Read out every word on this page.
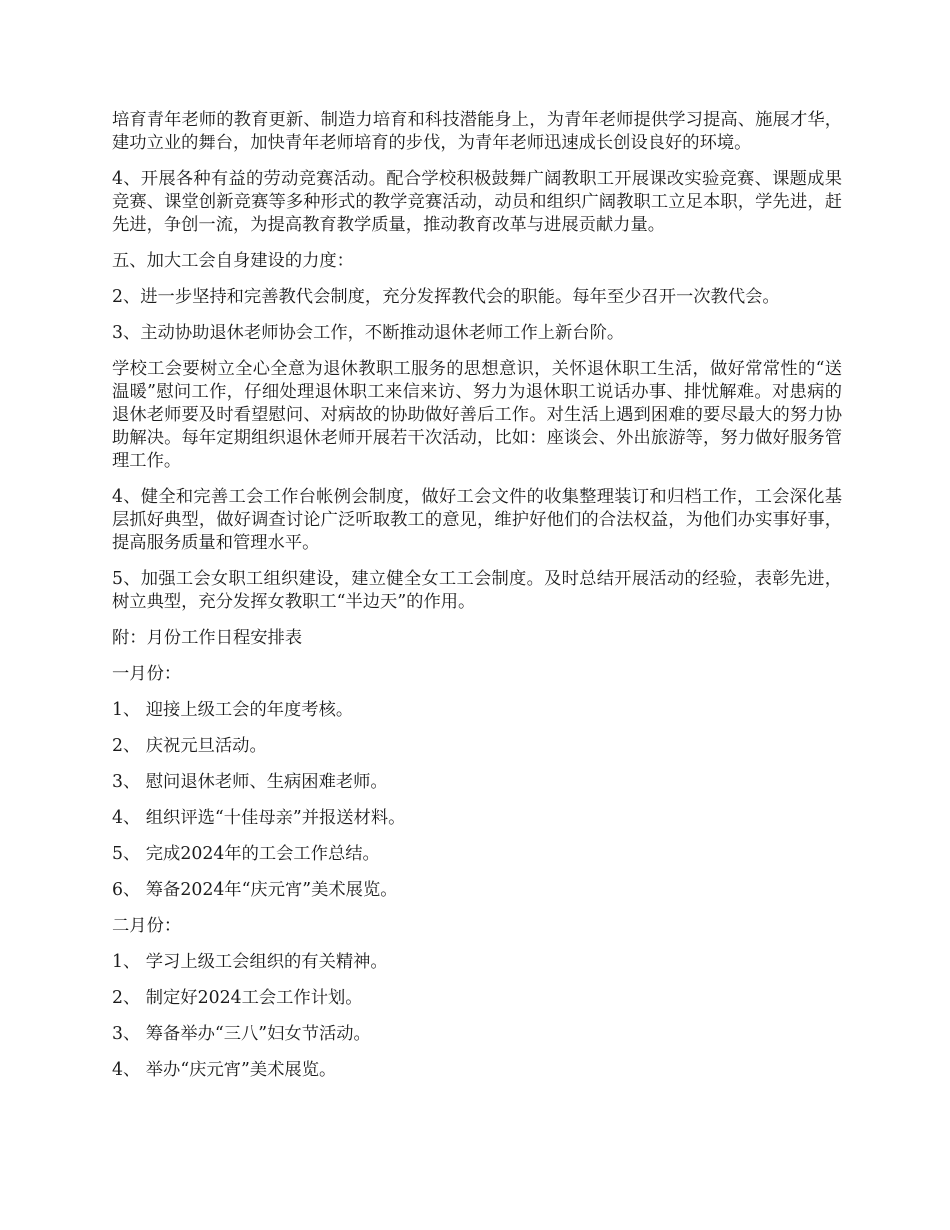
培育青年老师的教育更新、制造力培育和科技潜能身上，为青年老师提供学习提高、施展才华，建功立业的舞台，加快青年老师培育的步伐，为青年老师迅速成长创设良好的环境。

4、开展各种有益的劳动竞赛活动。配合学校积极鼓舞广阔教职工开展课改实验竞赛、课题成果竞赛、课堂创新竞赛等多种形式的教学竞赛活动，动员和组织广阔教职工立足本职，学先进，赶先进，争创一流，为提高教育教学质量，推动教育改革与进展贡献力量。

五、加大工会自身建设的力度：

2、进一步坚持和完善教代会制度，充分发挥教代会的职能。每年至少召开一次教代会。

3、主动协助退休老师协会工作，不断推动退休老师工作上新台阶。

学校工会要树立全心全意为退休教职工服务的思想意识，关怀退休职工生活，做好常常性的“送温暖”慰问工作，仔细处理退休职工来信来访、努力为退休职工说话办事、排忧解难。对患病的退休老师要及时看望慰问、对病故的协助做好善后工作。对生活上遇到困难的要尽最大的努力协助解决。每年定期组织退休老师开展若干次活动，比如：座谈会、外出旅游等，努力做好服务管理工作。

4、健全和完善工会工作台帐例会制度，做好工会文件的收集整理装订和归档工作，工会深化基层抓好典型，做好调查讨论广泛听取教工的意见，维护好他们的合法权益，为他们办实事好事，提高服务质量和管理水平。

5、加强工会女职工组织建设，建立健全女工工会制度。及时总结开展活动的经验，表彰先进，树立典型，充分发挥女教职工“半边天”的作用。

附：月份工作日程安排表

一月份：

1、 迎接上级工会的年度考核。

2、 庆祝元旦活动。

3、 慰问退休老师、生病困难老师。

4、 组织评选“十佳母亲”并报送材料。

5、 完成2024年的工会工作总结。

6、 筹备2024年“庆元宵”美术展览。

二月份：

1、 学习上级工会组织的有关精神。

2、 制定好2024工会工作计划。

3、 筹备举办“三八”妇女节活动。

4、 举办“庆元宵”美术展览。
